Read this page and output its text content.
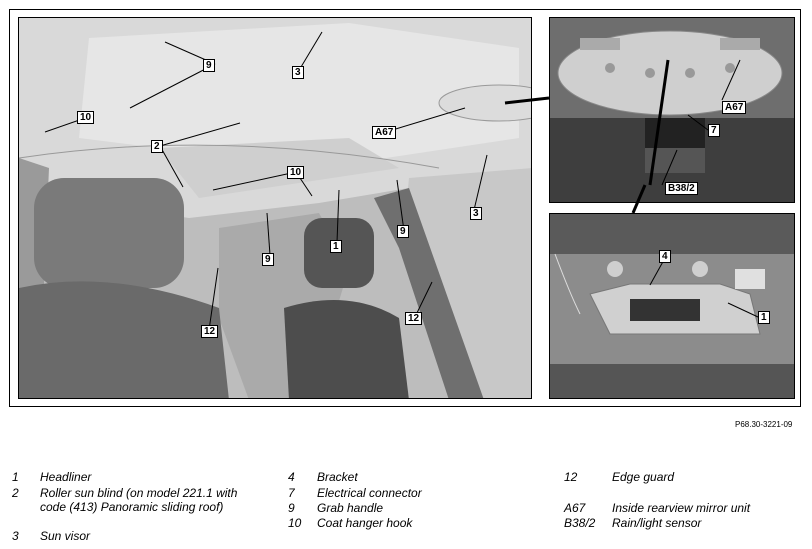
9
3
10
2
A67
10
3
1
9
9
12
12
A67
7
B38/2
4
1
P68.30-3221-09
1	Headliner
2	Roller sun blind (on model 221.1 with code (413) Panoramic sliding roof)
3	Sun visor
4	Bracket
7	Electrical connector
9	Grab handle
10	Coat hanger hook
12	Edge guard
A67	Inside rearview mirror unit
B38/2	Rain/light sensor
